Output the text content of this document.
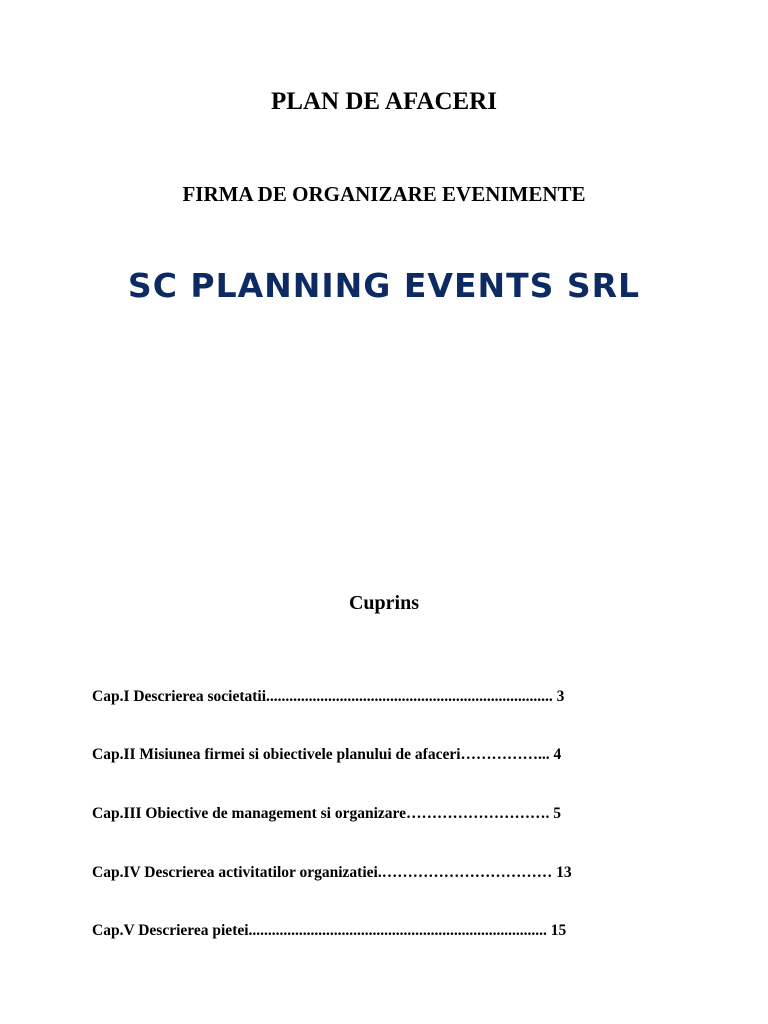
PLAN DE AFACERI
FIRMA DE ORGANIZARE EVENIMENTE
SC PLANNING EVENTS SRL
Cuprins
Cap.I Descrierea societatii.......................................................................... 3
Cap.II Misiunea firmei si obiectivele planului de afaceri……………... 4
Cap.III Obiective de management si organizare………………………. 5
Cap.IV Descrierea activitatilor organizatiei.…………………………… 13
Cap.V Descrierea pietei............................................................................. 15
